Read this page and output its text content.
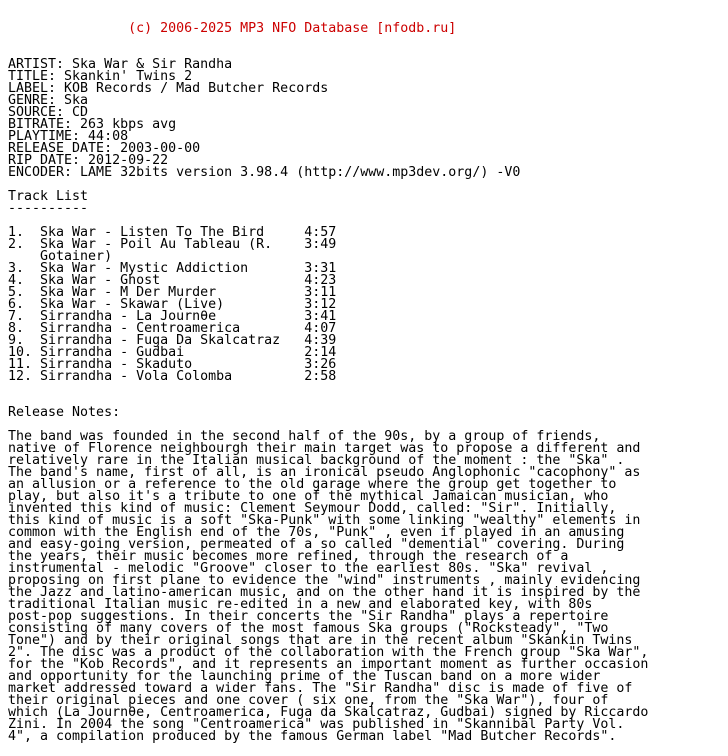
(c) 2006-2025 MP3 NFO Database [nfodb.ru]

ARTIST: Ska War & Sir Randha
TITLE: Skankin' Twins 2
LABEL: KOB Records / Mad Butcher Records
GENRE: Ska
SOURCE: CD
BITRATE: 263 kbps avg
PLAYTIME: 44:08
RELEASE DATE: 2003-00-00
RIP DATE: 2012-09-22
ENCODER: LAME 32bits version 3.98.4 (http://www.mp3dev.org/) -V0
Track List
----------
1.  Ska War - Listen To The Bird     4:57
2.  Ska War - Poil Au Tableau (R.    3:49
Gotainer)
3.  Ska War - Mystic Addiction       3:31
4.  Ska War - Ghost                  4:23
5.  Ska War - M Der Murder           3:11
6.  Ska War - Skawar (Live)          3:12
7.  Sirrandha - La Journθe           3:41
8.  Sirrandha - Centroamerica        4:07
9.  Sirrandha - Fuga Da Skalcatraz   4:39
10. Sirrandha - Gudbai               2:14
11. Sirrandha - Skaduto              3:26
12. Sirrandha - Vola Colomba         2:58
Release Notes:
The band was founded in the second half of the 90s, by a group of friends,
native of Florence neighbourgh their main target was to propose a different and
relatively rare in the Italian musical background of the moment : the "Ska" .
The band's name, first of all, is an ironical pseudo Anglophonic "cacophony" as
an allusion or a reference to the old garage where the group get together to
play, but also it's a tribute to one of the mythical Jamaican musician, who
invented this kind of music: Clement Seymour Dodd, called: "Sir". Initially,
this kind of music is a soft "Ska-Punk" with some linking "wealthy" elements in
common with the English end of the 70s, "Punk" , even if played in an amusing
and easy-going version, permeated of a so called "demential" covering. During
the years, their music becomes more refined, through the research of a
instrumental - melodic "Groove" closer to the earliest 80s. "Ska" revival ,
proposing on first plane to evidence the "wind" instruments , mainly evidencing
the Jazz and latino-american music, and on the other hand it is inspired by the
traditional Italian music re-edited in a new and elaborated key, with 80s
post-pop suggestions. In their concerts the "Sir Randha" plays a repertoire
consisting of many covers of the most famous Ska groups ("Rocksteady", "Two
Tone") and by their original songs that are in the recent album "Skankin Twins
2". The disc was a product of the collaboration with the French group "Ska War",
for the "Kob Records", and it represents an important moment as further occasion
and opportunity for the launching prime of the Tuscan band on a more wider
market addressed toward a wider fans. The "Sir Randha" disc is made of five of
their original pieces and one cover ( six one, from the "Ska War"), four of
which (La Journθe, Centroamerica, Fuga da Skalcatraz, Gudbai) signed by Riccardo
Zini. In 2004 the song "Centroamerica" was published in "Skannibal Party Vol.
4", a compilation produced by the famous German label "Mad Butcher Records".
